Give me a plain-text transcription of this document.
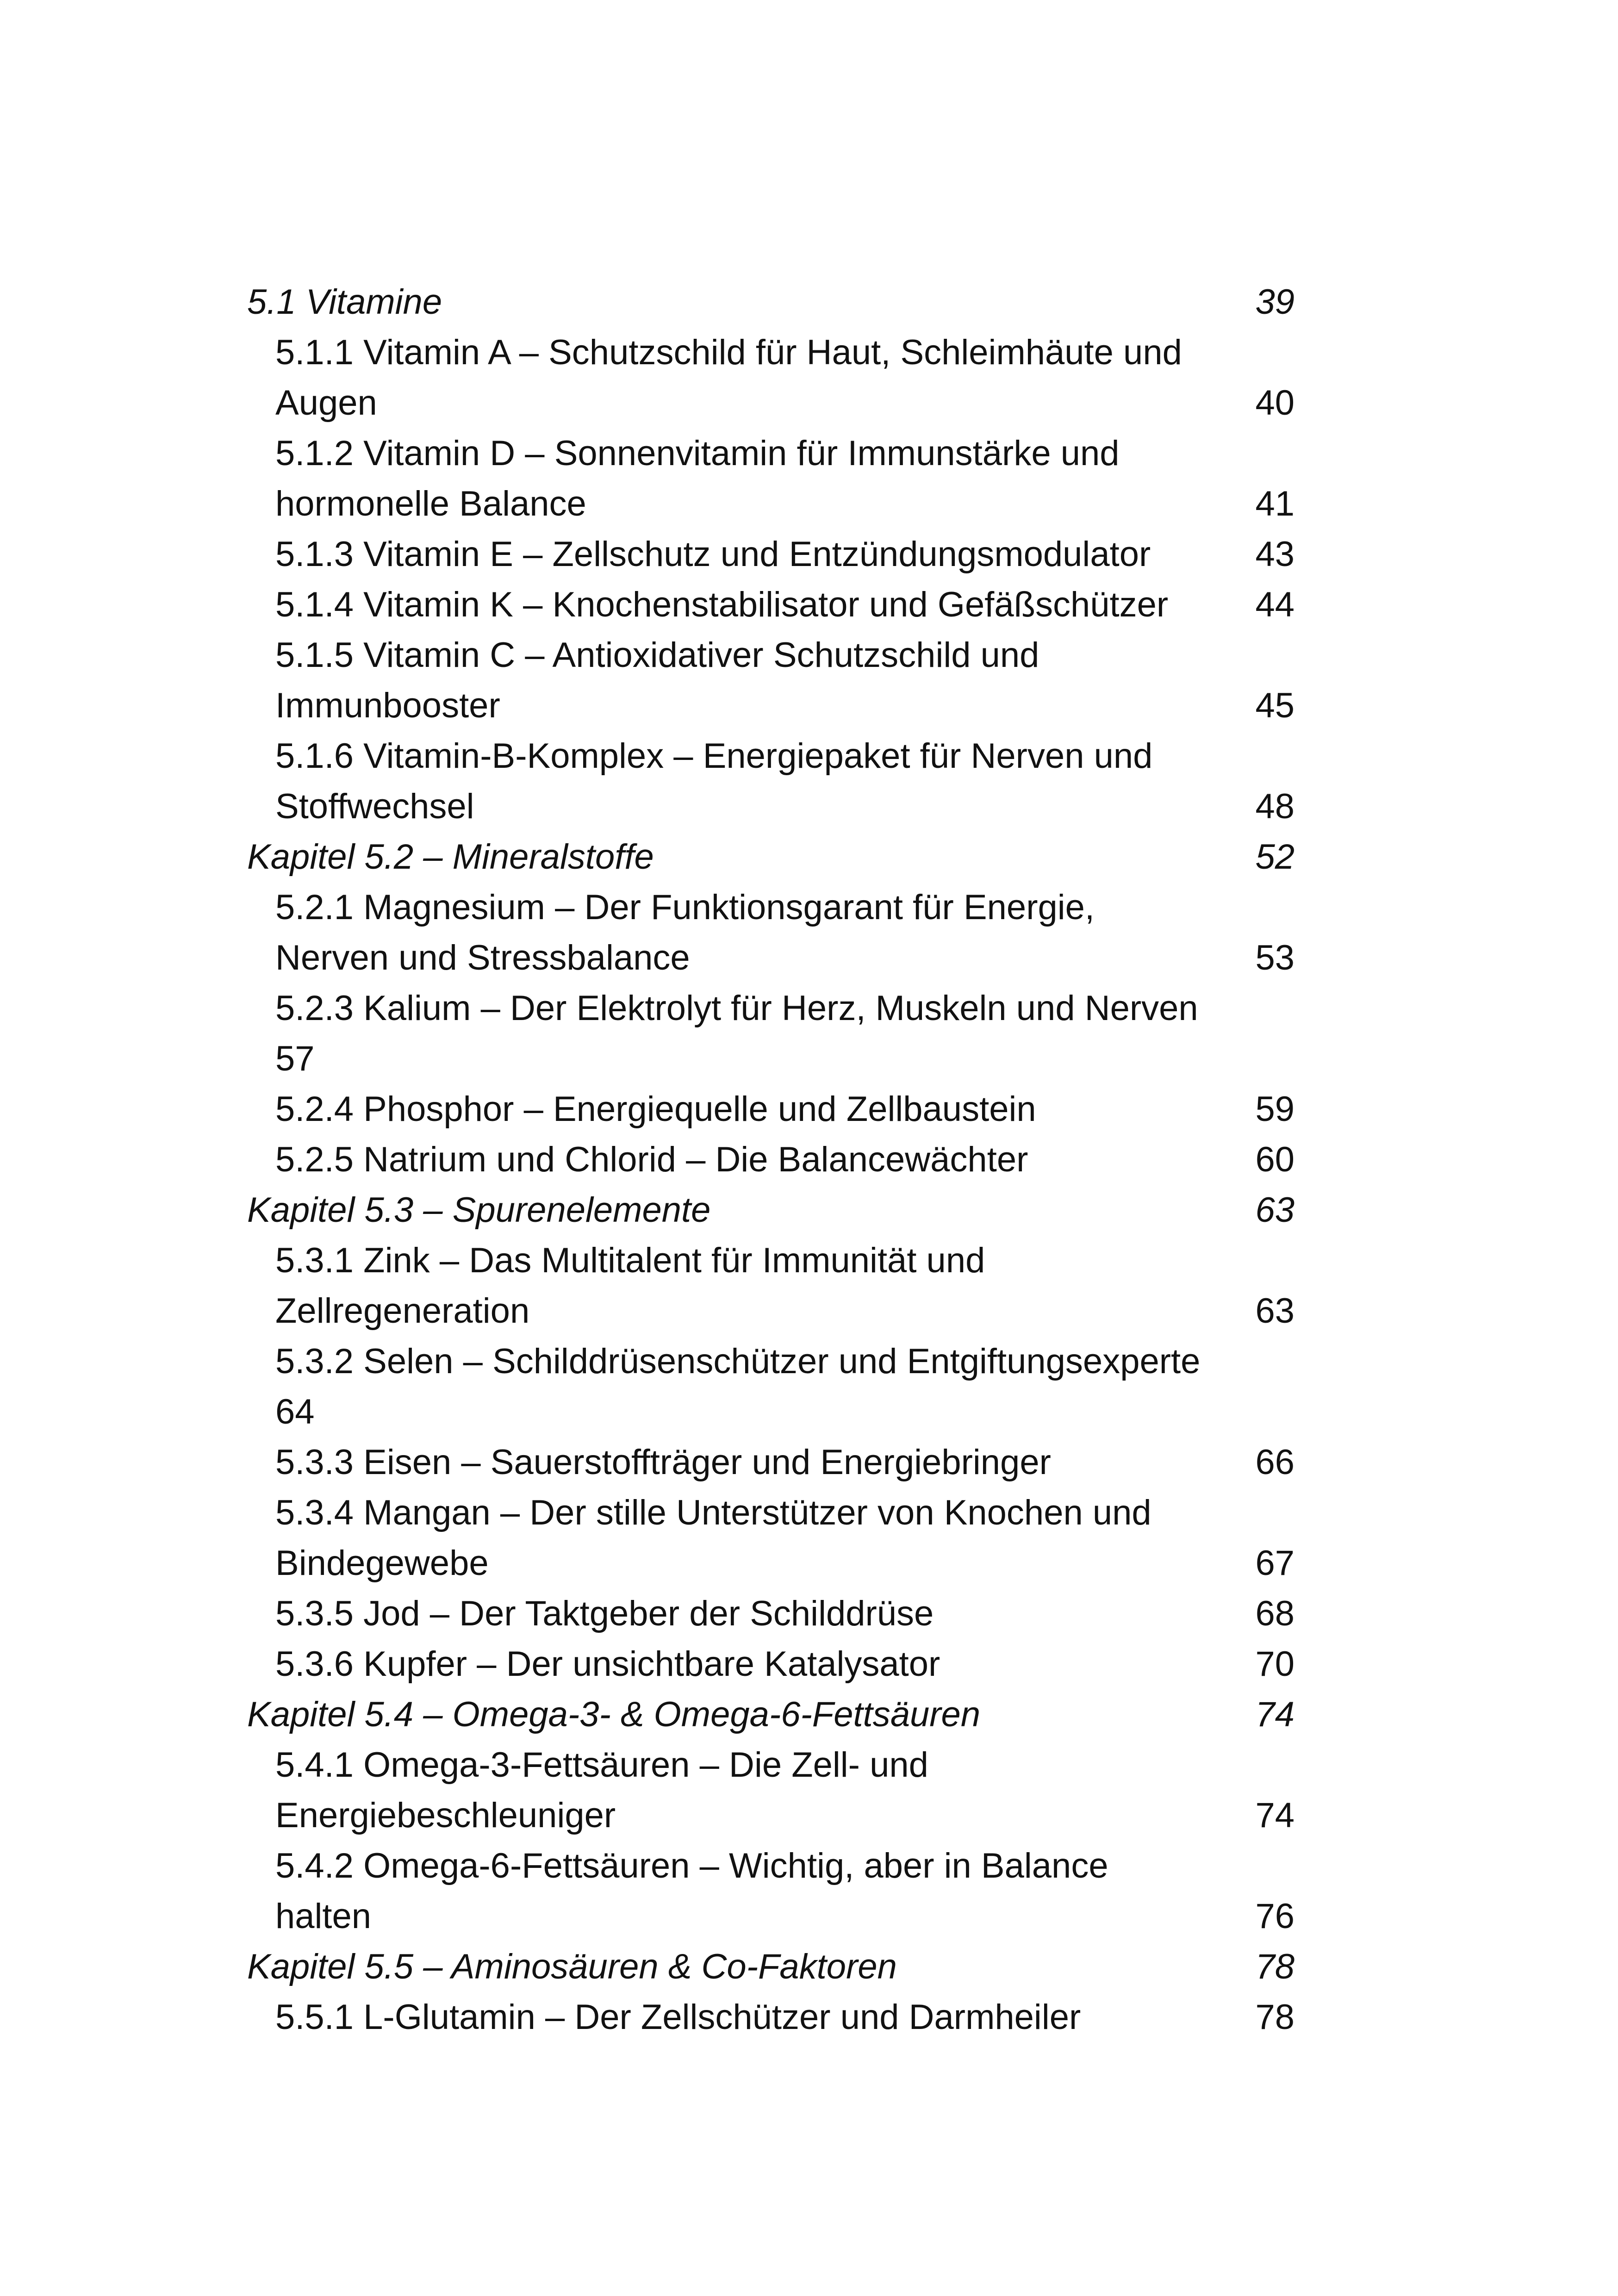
5.1 Vitamine	39
5.1.1 Vitamin A – Schutzschild für Haut, Schleimhäute und
Augen	40
5.1.2 Vitamin D – Sonnenvitamin für Immunstärke und
hormonelle Balance	41
5.1.3 Vitamin E – Zellschutz und Entzündungsmodulator	43
5.1.4 Vitamin K – Knochenstabilisator und Gefäßschützer 44
5.1.5 Vitamin C – Antioxidativer Schutzschild und
Immunbooster	45
5.1.6 Vitamin-B-Komplex – Energiepaket für Nerven und
Stoffwechsel	48
Kapitel 5.2 – Mineralstoffe	52
5.2.1 Magnesium – Der Funktionsgarant für Energie,
Nerven und Stressbalance	53
5.2.3 Kalium – Der Elektrolyt für Herz, Muskeln und Nerven
57
5.2.4 Phosphor – Energiequelle und Zellbaustein	59
5.2.5 Natrium und Chlorid – Die Balancewächter	60
Kapitel 5.3 – Spurenelemente	63
5.3.1 Zink – Das Multitalent für Immunität und
Zellregeneration	63
5.3.2 Selen – Schilddrüsenschützer und Entgiftungsexperte
64
5.3.3 Eisen – Sauerstoffträger und Energiebringer	66
5.3.4 Mangan – Der stille Unterstützer von Knochen und
Bindegewebe	67
5.3.5 Jod – Der Taktgeber der Schilddrüse	68
5.3.6 Kupfer – Der unsichtbare Katalysator	70
Kapitel 5.4 – Omega-3- & Omega-6-Fettsäuren	74
5.4.1 Omega-3-Fettsäuren – Die Zell- und
Energiebeschleuniger	74
5.4.2 Omega-6-Fettsäuren – Wichtig, aber in Balance
halten	76
Kapitel 5.5 – Aminosäuren & Co-Faktoren	78
5.5.1 L-Glutamin – Der Zellschützer und Darmheiler	78
